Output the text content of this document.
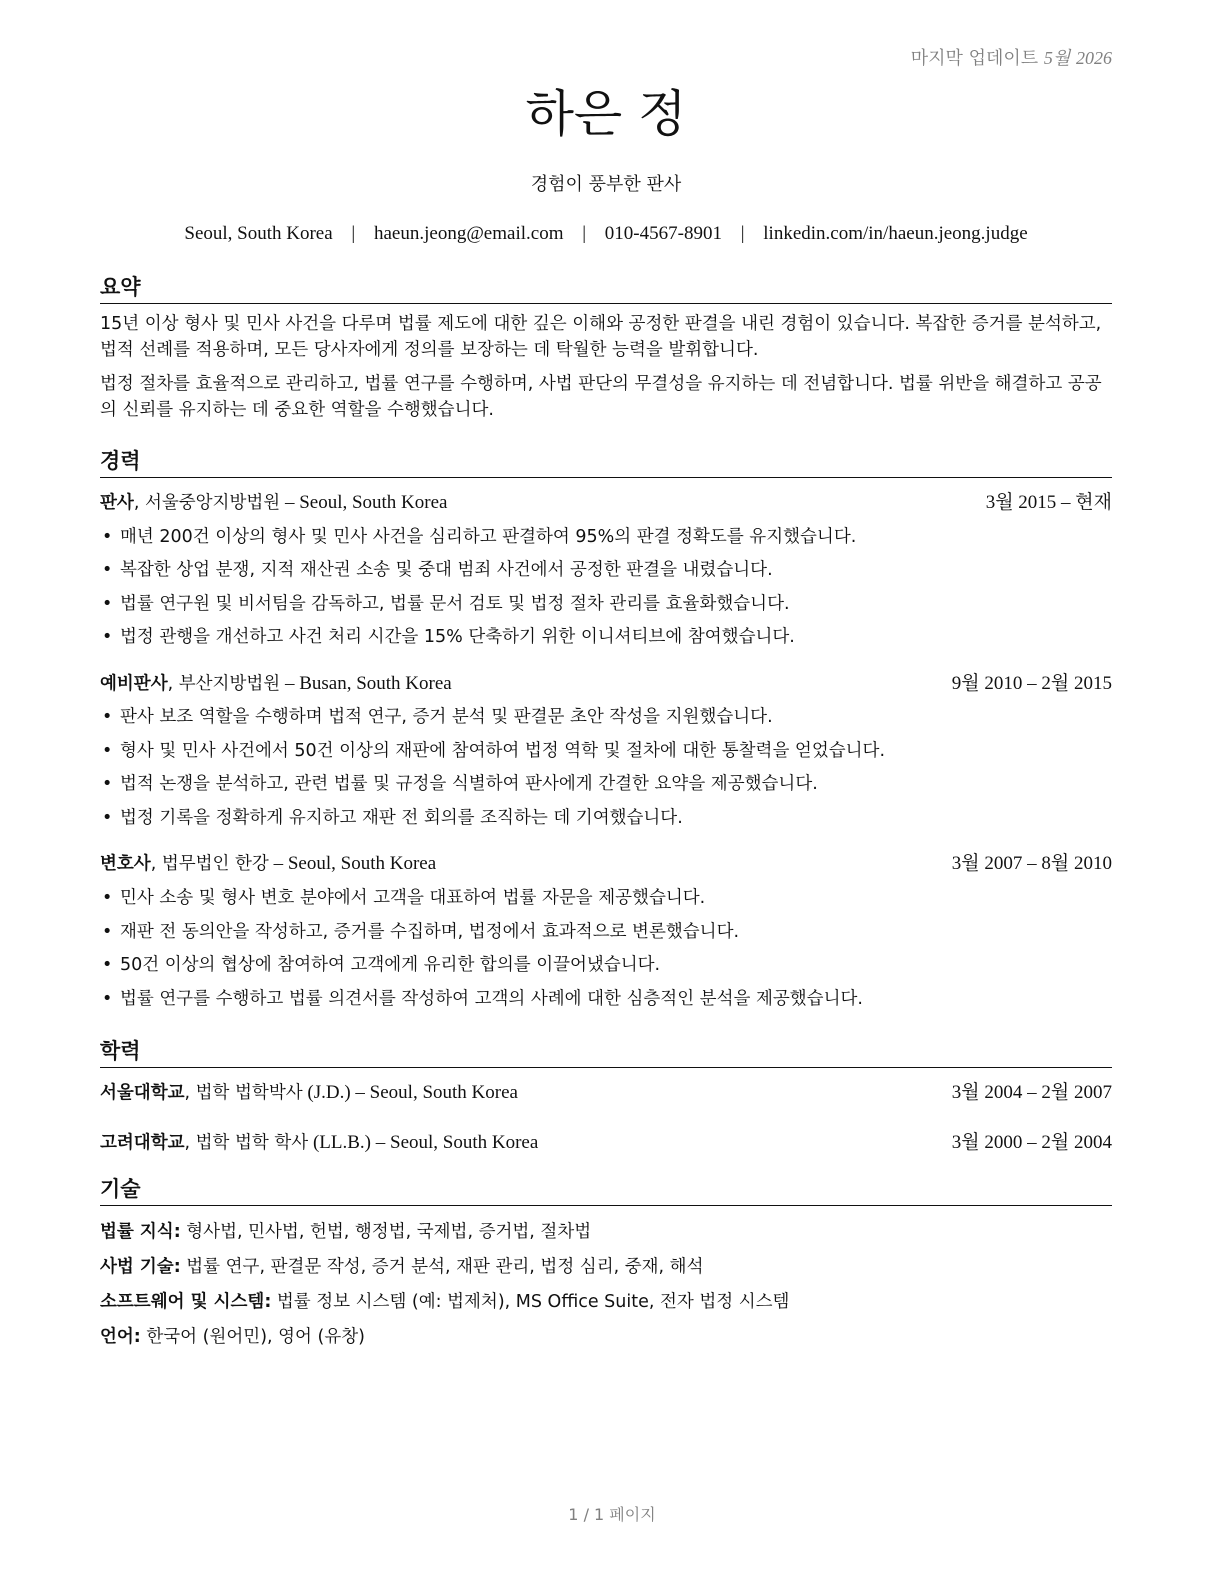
마지막 업데이트 5월 2026
하은 정
경험이 풍부한 판사
Seoul, South Korea | haeun.jeong@email.com | 010-4567-8901 | linkedin.com/in/haeun.jeong.judge
요약

15년 이상 형사 및 민사 사건을 다루며 법률 제도에 대한 깊은 이해와 공정한 판결을 내린 경험이 있습니다. 복잡한 증거를 분석하고, 법적 선례를 적용하며, 모든 당사자에게 정의를 보장하는 데 탁월한 능력을 발휘합니다.

법정 절차를 효율적으로 관리하고, 법률 연구를 수행하며, 사법 판단의 무결성을 유지하는 데 전념합니다. 법률 위반을 해결하고 공공의 신뢰를 유지하는 데 중요한 역할을 수행했습니다.

경력
판사, 서울중앙지방법원 – Seoul, South Korea	3월 2015 – 현재
• 매년 200건 이상의 형사 및 민사 사건을 심리하고 판결하여 95%의 판결 정확도를 유지했습니다.
• 복잡한 상업 분쟁, 지적 재산권 소송 및 중대 범죄 사건에서 공정한 판결을 내렸습니다.
• 법률 연구원 및 비서팀을 감독하고, 법률 문서 검토 및 법정 절차 관리를 효율화했습니다.
• 법정 관행을 개선하고 사건 처리 시간을 15% 단축하기 위한 이니셔티브에 참여했습니다.
예비판사, 부산지방법원 – Busan, South Korea	9월 2010 – 2월 2015
• 판사 보조 역할을 수행하며 법적 연구, 증거 분석 및 판결문 초안 작성을 지원했습니다.
• 형사 및 민사 사건에서 50건 이상의 재판에 참여하여 법정 역학 및 절차에 대한 통찰력을 얻었습니다.
• 법적 논쟁을 분석하고, 관련 법률 및 규정을 식별하여 판사에게 간결한 요약을 제공했습니다.
• 법정 기록을 정확하게 유지하고 재판 전 회의를 조직하는 데 기여했습니다.
변호사, 법무법인 한강 – Seoul, South Korea	3월 2007 – 8월 2010
• 민사 소송 및 형사 변호 분야에서 고객을 대표하여 법률 자문을 제공했습니다.
• 재판 전 동의안을 작성하고, 증거를 수집하며, 법정에서 효과적으로 변론했습니다.
• 50건 이상의 협상에 참여하여 고객에게 유리한 합의를 이끌어냈습니다.
• 법률 연구를 수행하고 법률 의견서를 작성하여 고객의 사례에 대한 심층적인 분석을 제공했습니다.
학력
서울대학교, 법학 법학박사 (J.D.) – Seoul, South Korea	3월 2004 – 2월 2007
고려대학교, 법학 법학 학사 (LL.B.) – Seoul, South Korea	3월 2000 – 2월 2004
기술
법률 지식: 형사법, 민사법, 헌법, 행정법, 국제법, 증거법, 절차법
사법 기술: 법률 연구, 판결문 작성, 증거 분석, 재판 관리, 법정 심리, 중재, 해석
소프트웨어 및 시스템: 법률 정보 시스템 (예: 법제처), MS Office Suite, 전자 법정 시스템
언어: 한국어 (원어민), 영어 (유창)
1 / 1 페이지
